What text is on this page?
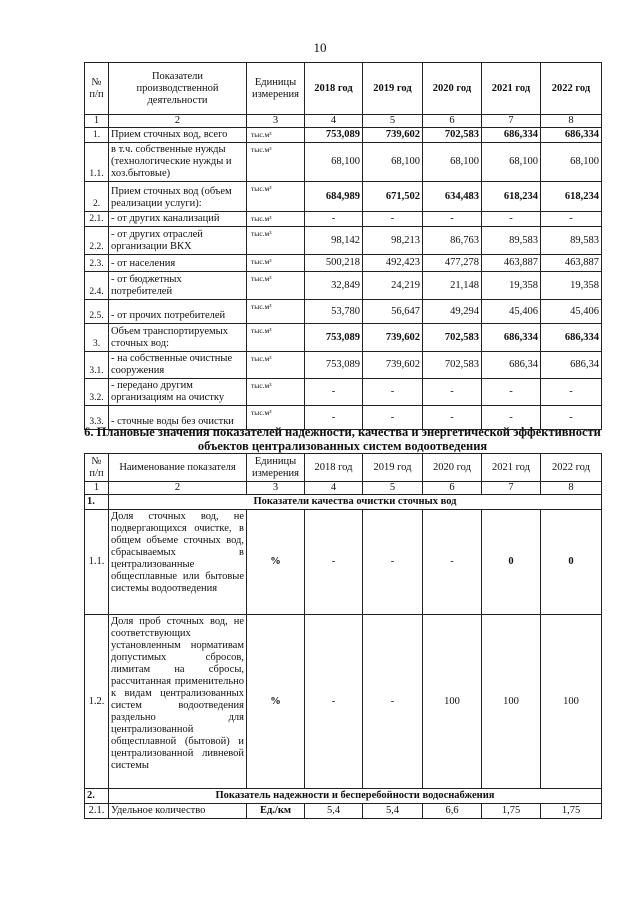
10
№ п/п	Показатели производственной деятельности	Единицы измерения	2018 год	2019 год	2020 год	2021 год	2022 год
1	2	3	4	5	6	7	8
1.	Прием сточных вод, всего	тыс.м³	753,089	739,602	702,583	686,334	686,334
1.1.	в т.ч. собственные нужды (технологические нужды и хоз.бытовые)	тыс.м³	68,100	68,100	68,100	68,100	68,100
2.	Прием сточных вод (объем реализации услуги):	тыс.м³	684,989	671,502	634,483	618,234	618,234
2.1.	- от других канализаций	тыс.м³	-	-	-	-	-
2.2.	- от других отраслей организации ВКХ	тыс.м³	98,142	98,213	86,763	89,583	89,583
2.3.	- от населения	тыс.м³	500,218	492,423	477,278	463,887	463,887
2.4.	- от бюджетных потребителей	тыс.м³	32,849	24,219	21,148	19,358	19,358
2.5.	- от прочих потребителей	тыс.м³	53,780	56,647	49,294	45,406	45,406
3.	Объем транспортируемых сточных вод:	тыс.м³	753,089	739,602	702,583	686,334	686,334
3.1.	- на собственные очистные сооружения	тыс.м³	753,089	739,602	702,583	686,34	686,34
3.2.	- передано другим организациям на очистку	тыс.м³	-	-	-	-	-
3.3.	- сточные воды без очистки	тыс.м³	-	-	-	-	-
6. Плановые значения показателей надежности, качества и энергетической эффективности объектов централизованных систем водоотведения
№ п/п	Наименование показателя	Единицы измерения	2018 год	2019 год	2020 год	2021 год	2022 год
1	2	3	4	5	6	7	8
1.	Показатели качества очистки сточных вод						
1.1.	Доля сточных вод, не подвергающихся очистке, в общем объеме сточных вод, сбрасываемых в централизованные общесплавные или бытовые системы водоотведения	%	-	-	-	0	0
1.2.	Доля проб сточных вод, не соответствующих установленным нормативам допустимых сбросов, лимитам на сбросы, рассчитанная применительно к видам централизованных систем водоотведения раздельно для централизованной общесплавной (бытовой) и централизованной ливневой системы	%	-	-	100	100	100
2.	Показатель надежности и бесперебойности водоснабжения						
2.1.	Удельное количество	Ед./км	5,4	5,4	6,6	1,75	1,75
